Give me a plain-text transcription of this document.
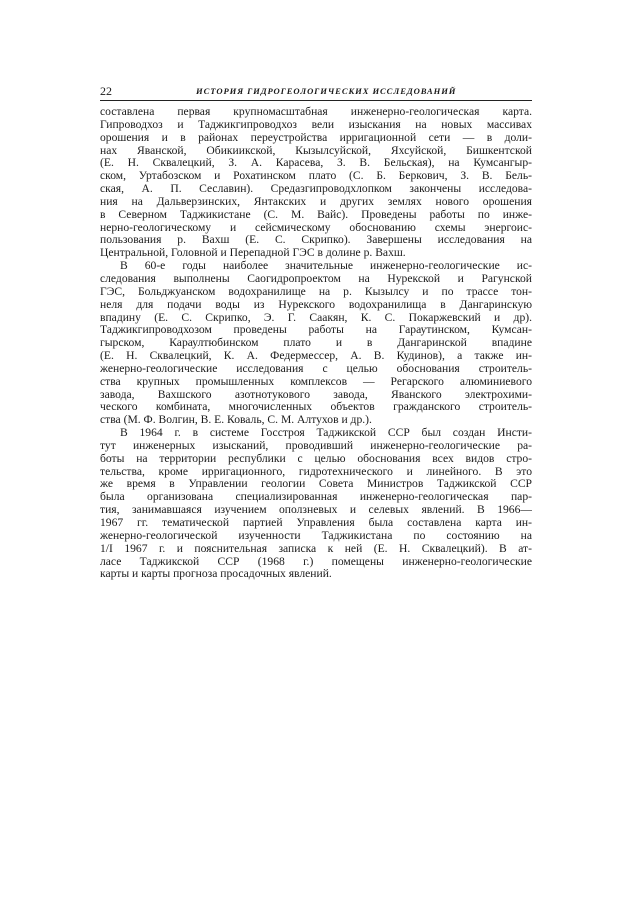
22	ИСТОРИЯ ГИДРОГЕОЛОГИЧЕСКИХ ИССЛЕДОВАНИЙ
составлена первая крупномасштабная инженерно-геологическая карта.
Гипроводхоз и Таджикгипроводхоз вели изыскания на новых массивах
орошения и в районах переустройства ирригационной сети — в доли-
нах Яванской, Обикиикской, Кызылсуйской, Яхсуйской, Бишкентской
(Е. Н. Сквалецкий, З. А. Карасева, З. В. Бельская), на Кумсангыр-
ском, Уртабозском и Рохатинском плато (С. Б. Беркович, З. В. Бель-
ская, А. П. Сеславин). Средазгипроводхлопком закончены исследова-
ния на Дальверзинских, Янтакских и других землях нового орошения
в Северном Таджикистане (С. М. Вайс). Проведены работы по инже-
нерно-геологическому и сейсмическому обоснованию схемы энергоис-
пользования р. Вахш (Е. С. Скрипко). Завершены исследования на
Центральной, Головной и Перепадной ГЭС в долине р. Вахш.
В 60-е годы наиболее значительные инженерно-геологические ис-
следования выполнены Саогидропроектом на Нурекской и Рагунской
ГЭС, Больджуанском водохранилище на р. Кызылсу и по трассе тон-
неля для подачи воды из Нурекского водохранилища в Дангаринскую
впадину (Е. С. Скрипко, Э. Г. Саакян, К. С. Покаржевский и др).
Таджикгипроводхозом проведены работы на Гараутинском, Кумсан-
гырском, Караултюбинском плато и в Дангаринской впадине
(Е. Н. Сквалецкий, К. А. Федермессер, А. В. Кудинов), а также ин-
женерно-геологические исследования с целью обоснования строитель-
ства крупных промышленных комплексов — Регарского алюминиевого
завода, Вахшского азотнотукового завода, Яванского электрохими-
ческого комбината, многочисленных объектов гражданского строитель-
ства (М. Ф. Волгин, В. Е. Коваль, С. М. Алтухов и др.).
В 1964 г. в системе Госстроя Таджикской ССР был создан Инсти-
тут инженерных изысканий, проводивший инженерно-геологические ра-
боты на территории республики с целью обоснования всех видов стро-
тельства, кроме ирригационного, гидротехнического и линейного. В это
же время в Управлении геологии Совета Министров Таджикской ССР
была организована специализированная инженерно-геологическая пар-
тия, занимавшаяся изучением оползневых и селевых явлений. В 1966—
1967 гг. тематической партией Управления была составлена карта ин-
женерно-геологической изученности Таджикистана по состоянию на
1/I 1967 г. и пояснительная записка к ней (Е. Н. Сквалецкий). В ат-
ласе Таджикской ССР (1968 г.) помещены инженерно-геологические
карты и карты прогноза просадочных явлений.
